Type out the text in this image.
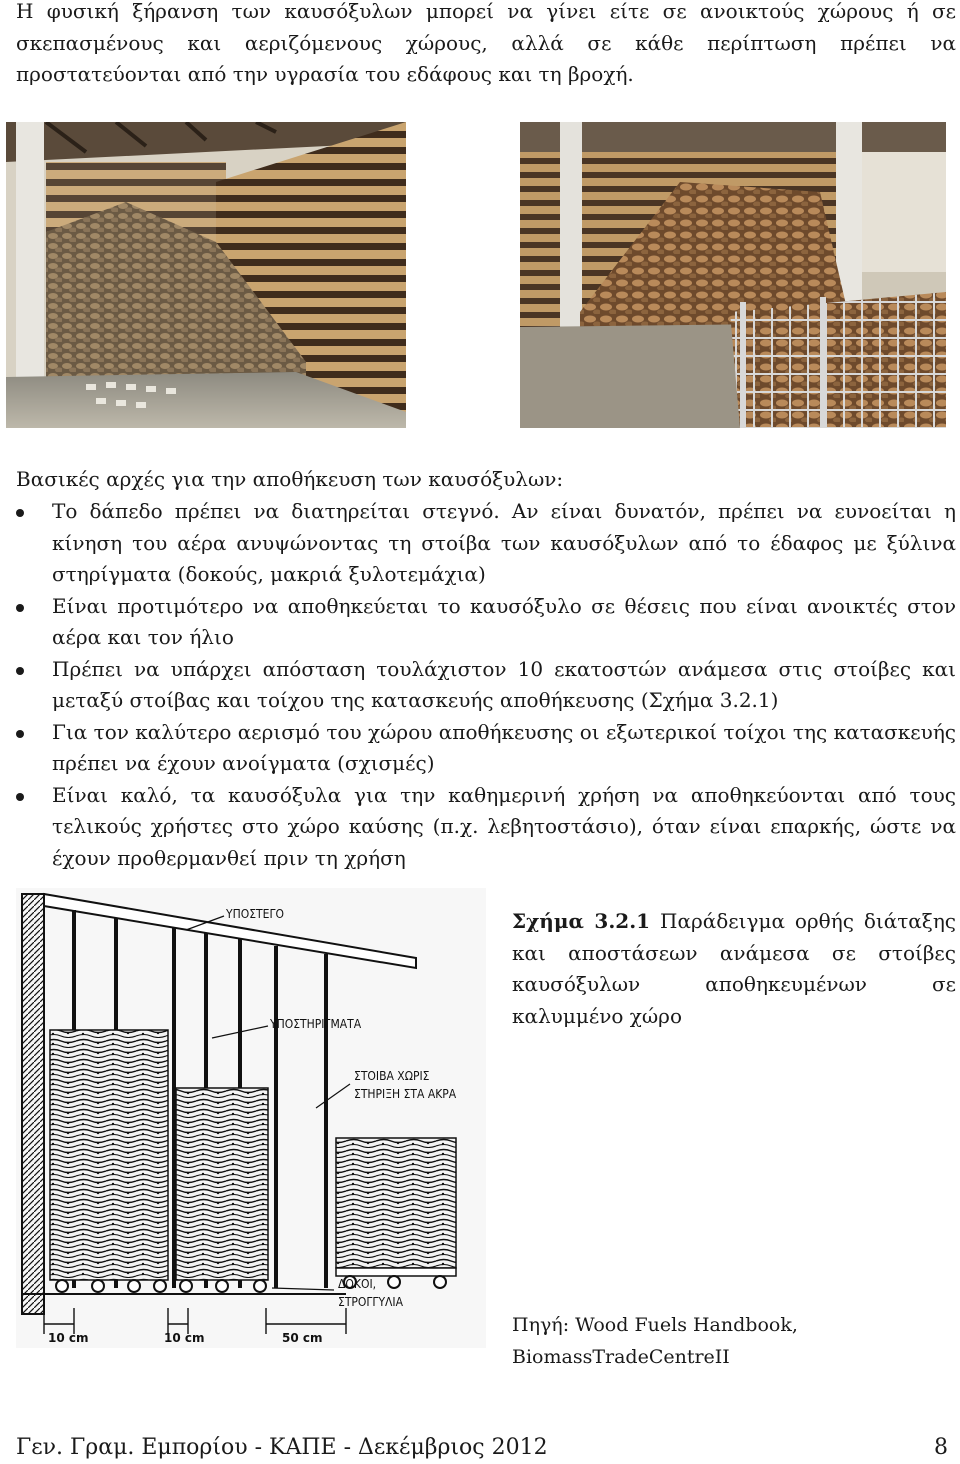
Η φυσική ξήρανση των καυσόξυλων μπορεί να γίνει είτε σε ανοικτούς χώρους ή σε σκεπασμένους και αεριζόμενους χώρους, αλλά σε κάθε περίπτωση πρέπει να προστατεύονται από την υγρασία του εδάφους και τη βροχή.
Βασικές αρχές για την αποθήκευση των καυσόξυλων:
Το δάπεδο πρέπει να διατηρείται στεγνό. Αν είναι δυνατόν, πρέπει να ευνοείται η κίνηση του αέρα ανυψώνοντας τη στοίβα των καυσόξυλων από το έδαφος με ξύλινα στηρίγματα (δοκούς, μακριά ξυλοτεμάχια)
Είναι προτιμότερο να αποθηκεύεται το καυσόξυλο σε θέσεις που είναι ανοικτές στον αέρα και τον ήλιο
Πρέπει να υπάρχει απόσταση τουλάχιστον 10 εκατοστών ανάμεσα στις στοίβες και μεταξύ στοίβας και τοίχου της κατασκευής αποθήκευσης (Σχήμα 3.2.1)
Για τον καλύτερο αερισμό του χώρου αποθήκευσης οι εξωτερικοί τοίχοι της κατασκευής πρέπει να έχουν ανοίγματα (σχισμές)
Είναι καλό, τα καυσόξυλα για την καθημερινή χρήση να αποθηκεύονται από τους τελικούς χρήστες στο χώρο καύσης (π.χ. λεβητοστάσιο), όταν είναι επαρκής, ώστε να έχουν προθερμανθεί πριν τη χρήση
ΥΠΟΣΤΕΓΟ
ΥΠΟΣΤΗΡΙΓΜΑΤΑ
ΣΤΟΙΒΑ ΧΩΡΙΣ
ΣΤΗΡΙΞΗ ΣΤΑ ΑΚΡΑ
ΔΟΚΟΙ,
ΣΤΡΟΓΓΥΛΙΑ
10 cm	10 cm	50 cm
Σχήμα 3.2.1 Παράδειγμα ορθής διάταξης και αποστάσεων ανάμεσα σε στοίβες καυσόξυλων αποθηκευμένων σε καλυμμένο χώρο
Πηγή: Wood Fuels Handbook, BiomassTradeCentreII
Γεν. Γραμ. Εμπορίου - ΚΑΠΕ - Δεκέμβριος 2012	8
